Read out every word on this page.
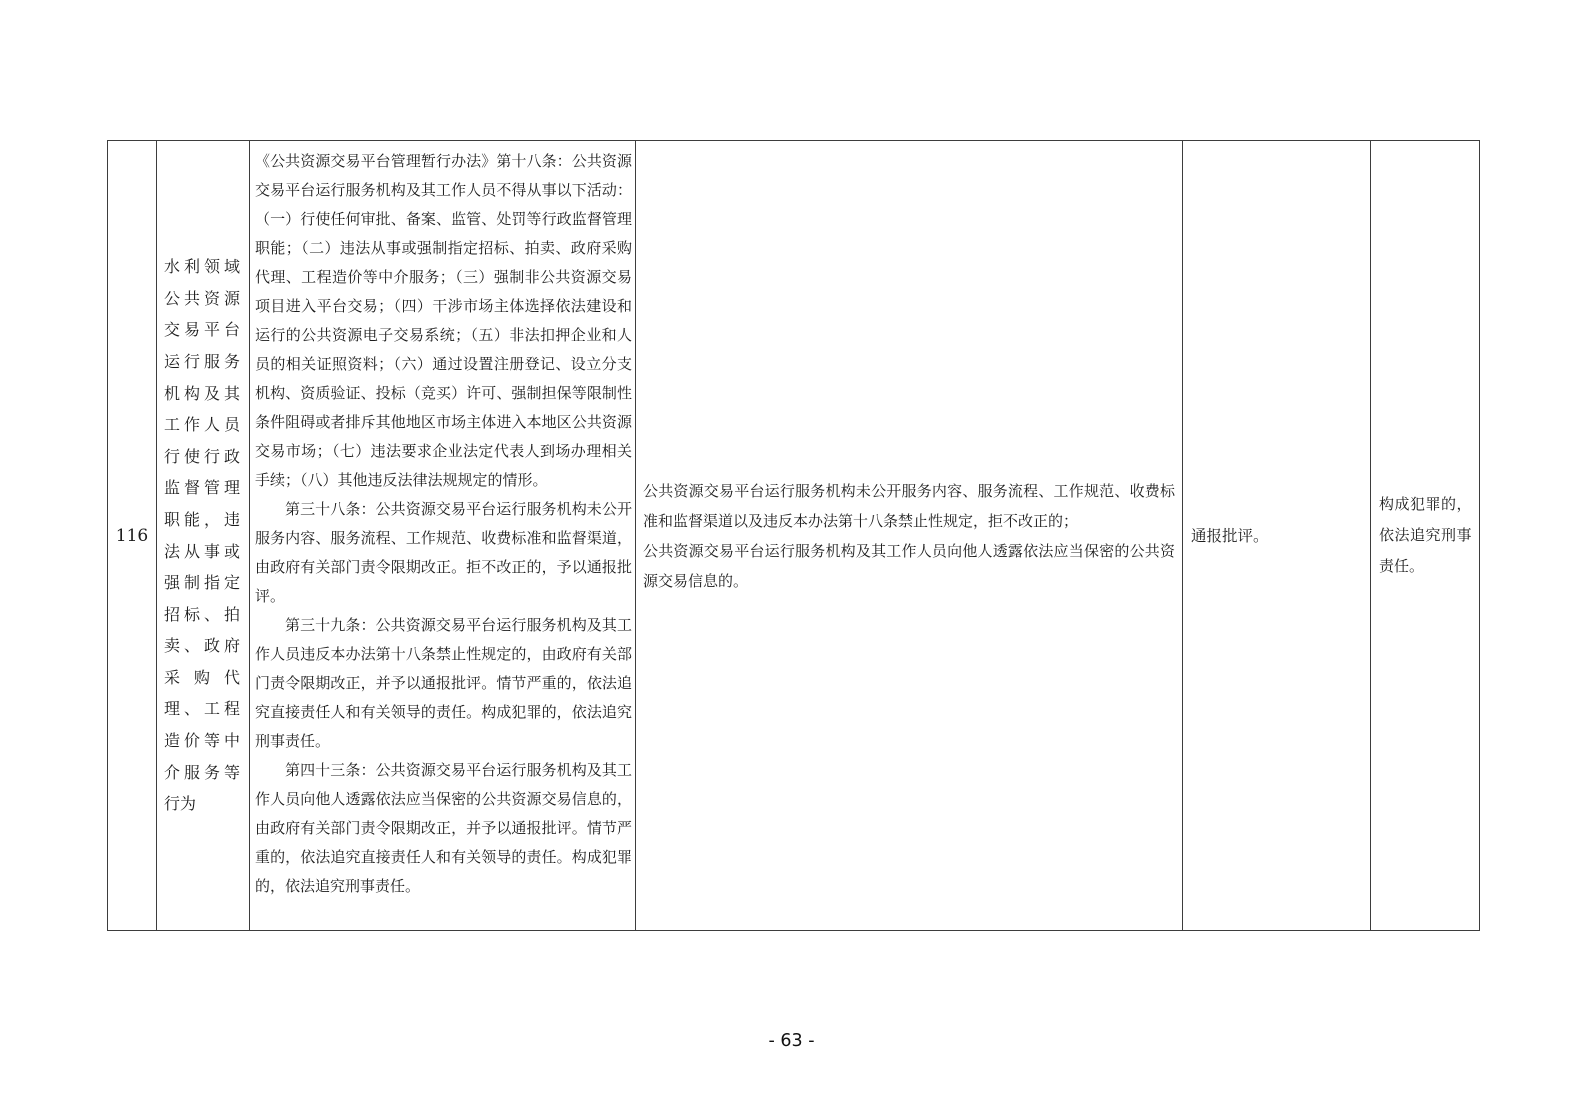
116
水利领域公共资源交易平台运行服务机构及其工作人员行使行政监督管理职能，违法从事或强制指定招标、拍卖、政府采购代理、工程造价等中介服务等行为

《公共资源交易平台管理暂行办法》第十八条：公共资源交易平台运行服务机构及其工作人员不得从事以下活动：（一）行使任何审批、备案、监管、处罚等行政监督管理职能；（二）违法从事或强制指定招标、拍卖、政府采购代理、工程造价等中介服务；（三）强制非公共资源交易项目进入平台交易；（四）干涉市场主体选择依法建设和运行的公共资源电子交易系统；（五）非法扣押企业和人员的相关证照资料；（六）通过设置注册登记、设立分支机构、资质验证、投标（竞买）许可、强制担保等限制性条件阻碍或者排斥其他地区市场主体进入本地区公共资源交易市场；（七）违法要求企业法定代表人到场办理相关手续；（八）其他违反法律法规规定的情形。

第三十八条：公共资源交易平台运行服务机构未公开服务内容、服务流程、工作规范、收费标准和监督渠道，由政府有关部门责令限期改正。拒不改正的，予以通报批评。

第三十九条：公共资源交易平台运行服务机构及其工作人员违反本办法第十八条禁止性规定的，由政府有关部门责令限期改正，并予以通报批评。情节严重的，依法追究直接责任人和有关领导的责任。构成犯罪的，依法追究刑事责任。

第四十三条：公共资源交易平台运行服务机构及其工作人员向他人透露依法应当保密的公共资源交易信息的，由政府有关部门责令限期改正，并予以通报批评。情节严重的，依法追究直接责任人和有关领导的责任。构成犯罪的，依法追究刑事责任。

公共资源交易平台运行服务机构未公开服务内容、服务流程、工作规范、收费标准和监督渠道以及违反本办法第十八条禁止性规定，拒不改正的；

公共资源交易平台运行服务机构及其工作人员向他人透露依法应当保密的公共资源交易信息的。

通报批评。
构成犯罪的，依法追究刑事责任。
- 63 -
